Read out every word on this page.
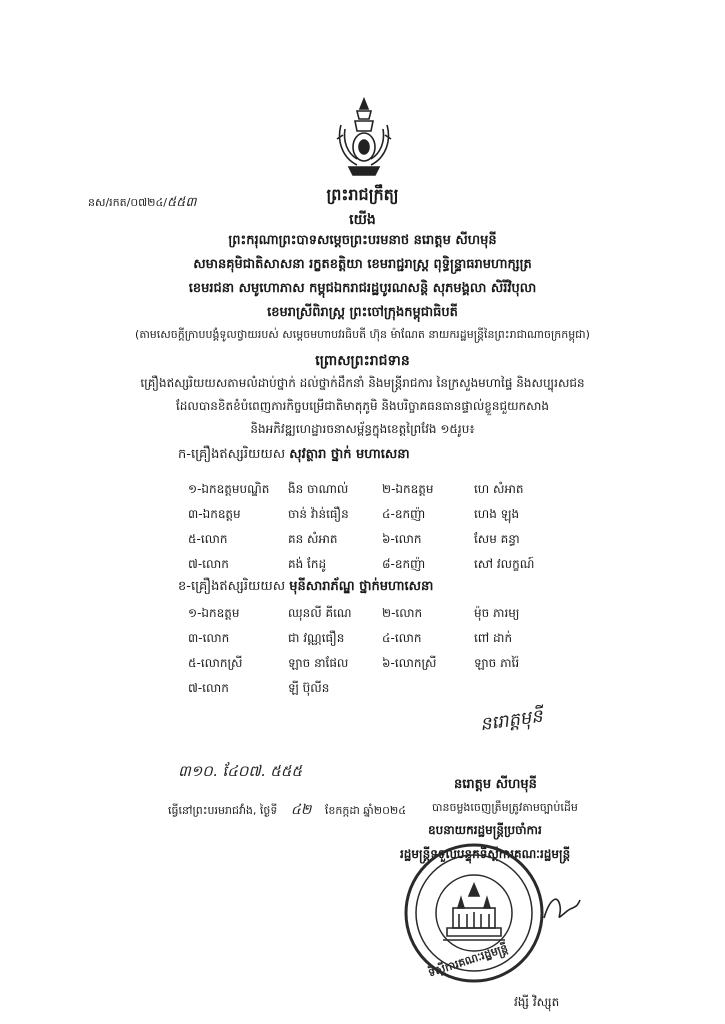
នស/រកត/០៧២៤/៥៥៣	ព្រះរាជក្រឹត្យ
យើង
ព្រះករុណាព្រះបាទសម្តេចព្រះបរមនាថ នរោត្តម សីហមុនី
សមានគុមិជាតិសាសនា រក្ខតខត្តិយា ខេមរាជ្ជរាស្ត្រ ពុទ្ធិន្ទ្រាធរាមហាក្សត្រ
ខេមរជនា សមូហោភាស កម្ពុជឯករាជរដ្ឋបូរណសន្តិ សុភមង្គលា សិរីវិបុលា
ខេមរាស្រីពិរាស្ត្រ ព្រះចៅក្រុងកម្ពុជាធិបតី
(តាមសេចក្តីក្រាបបង្គំទូលថ្វាយរបស់ សម្តេចមហាបវរធិបតី ហ៊ុន ម៉ាណែត នាយករដ្ឋមន្រ្តីនៃព្រះរាជាណាចក្រកម្ពុជា)
ព្រោសព្រះរាជទាន
គ្រឿងឥស្សរិយយសតាមលំដាប់ថ្នាក់ ដល់ថ្នាក់ដឹកនាំ និងមន្រ្តីរាជការ នៃក្រសួងមហាផ្ទៃ និងសប្បុរសជន
ដែលបានខិតខំបំពេញភារកិច្ចបម្រើជាតិមាតុភូមិ និងបរិច្ចាគធនធានផ្ទាល់ខ្លួនជួយកសាង
និងអភិវឌ្ឍហេដ្ឋារចនាសម្ព័ន្ធក្នុងខេត្តព្រៃវែង ១៥រូប៖
ក-គ្រឿងឥស្សរិយយស សុវត្ថារា ថ្នាក់ មហាសេនា
១-ឯកឧត្តមបណ្ឌិត ងិន ចាណាល់	២-ឯកឧត្តម	ហេ សំអាត
៣-ឯកឧត្តម	ចាន់ វ៉ាន់ធឿន	៤-ឧកញ៉ា	ហេង ឡុង
៥-លោក	គន សំអាត	៦-លោក	សែម គន្ធា
៧-លោក	គង់ កែដូ	៨-ឧកញ៉ា	សៅ វលក្ខណ៍
ខ-គ្រឿងឥស្សរិយយស មុនីសារាភ័ណ្ឌ ថ្នាក់មហាសេនា
១-ឯកឧត្តម	ឈុនលី គីណេ	២-លោក	ម៉ុច ភារម្យ
៣-លោក	ជា វណ្ណធឿន	៤-លោក	ពៅ ដាក់
៥-លោកស្រី	ឡាច នាផែល	៦-លោកស្រី	ឡាច ភារ៉ៃ
៧-លោក	ឡី ប៊ុលីន
នរោត្តមុនី
៣១០. ៤ែ០៧. ៥៥៥
ធ្វើនៅព្រះបរមរាជវាំង, ថ្ងៃទី ៤២ ខែកក្កដា ឆ្នាំ២០២៤
នរោត្តម សីហមុនី
បានចម្លងចេញត្រឹមត្រូវតាមច្បាប់ដើម
ឧបនាយករដ្ឋមន្រ្តីប្រចាំការ
រដ្ឋមន្រ្តីទទួលបន្ទុកទីស្តីការគណៈរដ្ឋមន្រ្តី
ទីស្តីការគណៈរដ្ឋមន្រ្តី
វង្សី វិស្សុត
